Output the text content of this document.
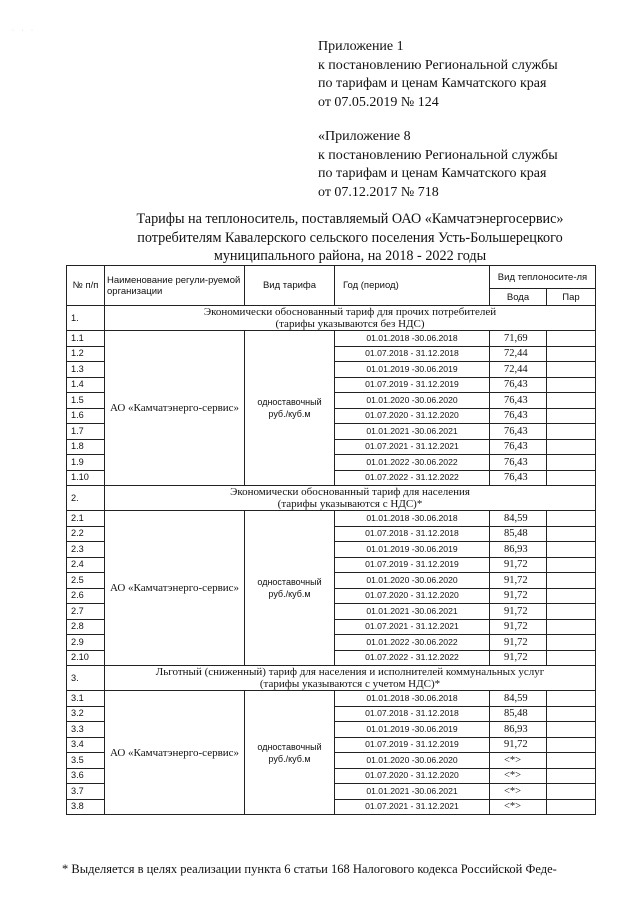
· · ·
Приложение 1
к постановлению Региональной службы
по тарифам и ценам Камчатского края
от 07.05.2019 № 124
«Приложение 8
к постановлению Региональной службы
по тарифам и ценам Камчатского края
от 07.12.2017 № 718
Тарифы на теплоноситель, поставляемый ОАО «Камчатэнергосервис»
потребителям Кавалерского сельского поселения Усть-Большерецкого
муниципального района, на 2018 - 2022 годы
№ п/п	Наименование регули-руемой организации	Вид тарифа	Год (период)	Вид теплоносите-ля	
				Вода	Пар
1.	Экономически обоснованный тариф для прочих потребителей
(тарифы указываются без НДС)				

1.1	АО «Камчатэнерго-сервис»	одноставочный руб./куб.м	01.01.2018 -30.06.2018	71,69	
1.2			01.07.2018 - 31.12.2018	72,44	
1.3			01.01.2019 -30.06.2019	72,44	
1.4			01.07.2019 - 31.12.2019	76,43	
1.5			01.01.2020 -30.06.2020	76,43	
1.6			01.07.2020 - 31.12.2020	76,43	
1.7			01.01.2021 -30.06.2021	76,43	
1.8			01.07.2021 - 31.12.2021	76,43	
1.9			01.01.2022 -30.06.2022	76,43	
1.10			01.07.2022 - 31.12.2022	76,43	
2.	Экономически обоснованный тариф для населения
(тарифы указываются с НДС)*				

2.1	АО «Камчатэнерго-сервис»	одноставочный руб./куб.м	01.01.2018 -30.06.2018	84,59	
2.2			01.07.2018 - 31.12.2018	85,48	
2.3			01.01.2019 -30.06.2019	86,93	
2.4			01.07.2019 - 31.12.2019	91,72	
2.5			01.01.2020 -30.06.2020	91,72	
2.6			01.07.2020 - 31.12.2020	91,72	
2.7			01.01.2021 -30.06.2021	91,72	
2.8			01.07.2021 - 31.12.2021	91,72	
2.9			01.01.2022 -30.06.2022	91,72	
2.10			01.07.2022 - 31.12.2022	91,72	
3.	Льготный (сниженный) тариф для населения и исполнителей коммунальных услуг
(тарифы указываются с учетом НДС)*				

3.1	АО «Камчатэнерго-сервис»	одноставочный руб./куб.м	01.01.2018 -30.06.2018	84,59	
3.2			01.07.2018 - 31.12.2018	85,48	
3.3			01.01.2019 -30.06.2019	86,93	
3.4			01.07.2019 - 31.12.2019	91,72	
3.5			01.01.2020 -30.06.2020	<*>	
3.6			01.07.2020 - 31.12.2020	<*>	
3.7			01.01.2021 -30.06.2021	<*>	
3.8			01.07.2021 - 31.12.2021	<*>	
* Выделяется в целях реализации пункта 6 статьи 168 Налогового кодекса Российской Феде-
